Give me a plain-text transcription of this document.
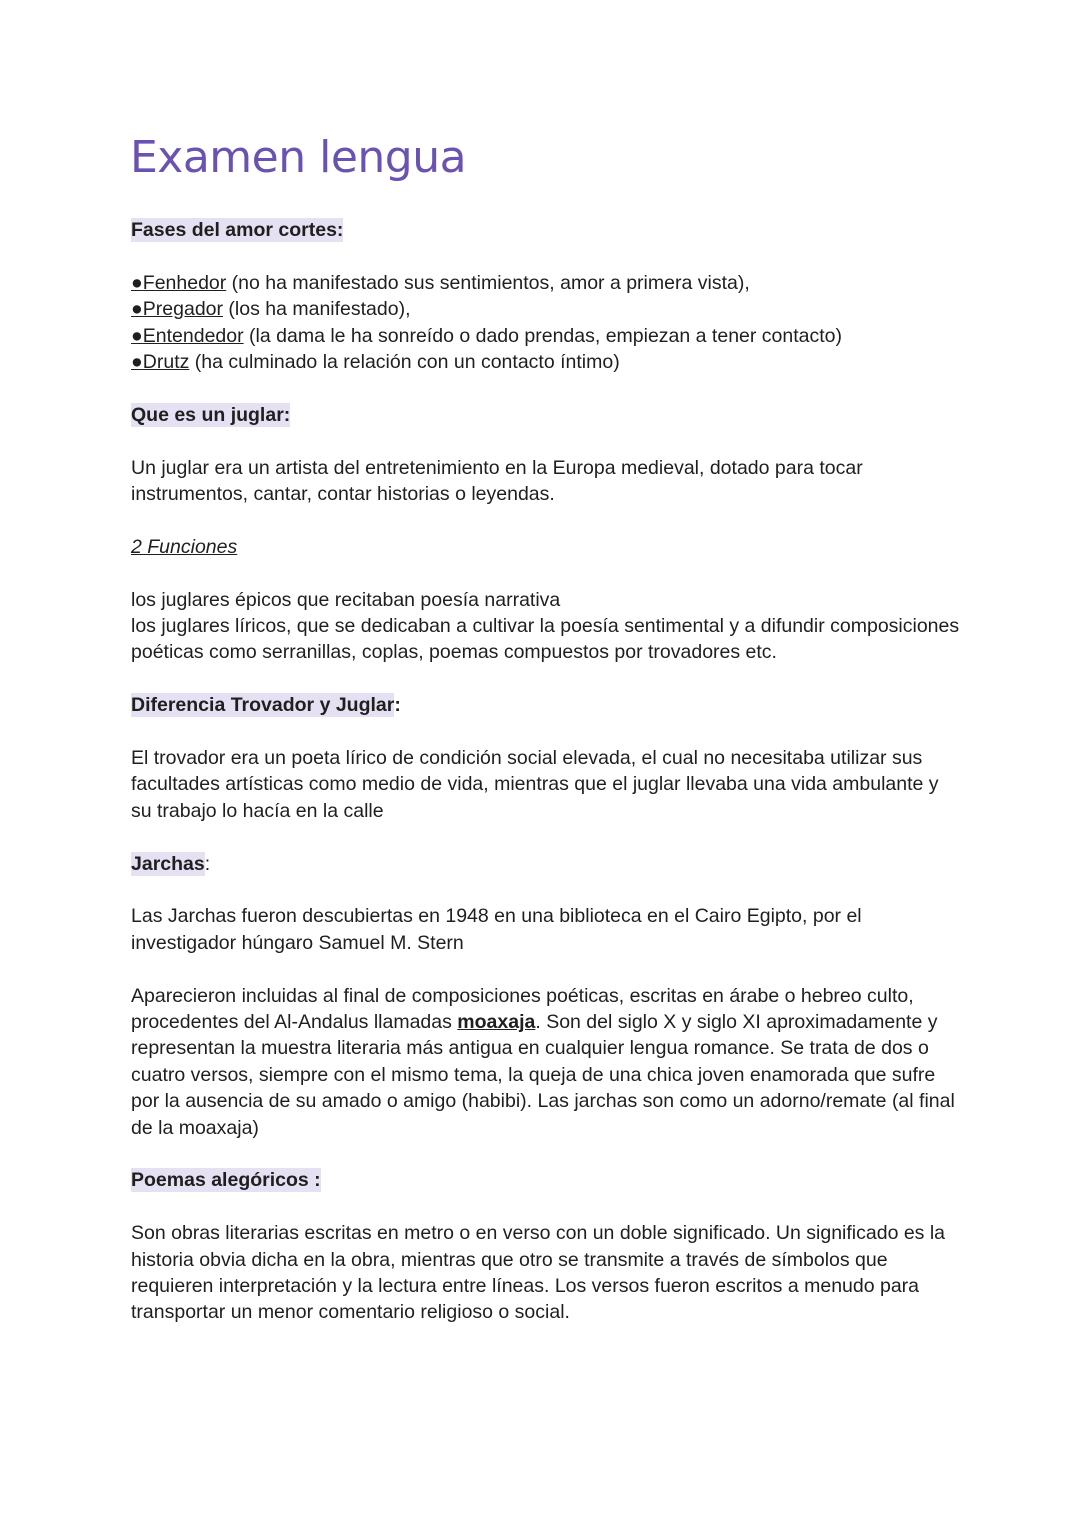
Examen lengua

Fases del amor cortes:

●Fenhedor (no ha manifestado sus sentimientos, amor a primera vista),
●Pregador (los ha manifestado),
●Entendedor (la dama le ha sonreído o dado prendas, empiezan a tener contacto)
●Drutz (ha culminado la relación con un contacto íntimo)

Que es un juglar:

Un juglar era un artista del entretenimiento en la Europa medieval, dotado para tocar instrumentos, cantar, contar historias o leyendas.

2 Funciones

los juglares épicos que recitaban poesía narrativa
los juglares líricos, que se dedicaban a cultivar la poesía sentimental y a difundir composiciones poéticas como serranillas, coplas, poemas compuestos por trovadores etc.

Diferencia Trovador y Juglar:

El trovador era un poeta lírico de condición social elevada, el cual no necesitaba utilizar sus facultades artísticas como medio de vida, mientras que el juglar llevaba una vida ambulante y su trabajo lo hacía en la calle

Jarchas:

Las Jarchas fueron descubiertas en 1948 en una biblioteca en el Cairo Egipto, por el investigador húngaro Samuel M. Stern

Aparecieron incluidas al final de composiciones poéticas, escritas en árabe o hebreo culto, procedentes del Al-Andalus llamadas moaxaja. Son del siglo X y siglo XI aproximadamente y representan la muestra literaria más antigua en cualquier lengua romance. Se trata de dos o cuatro versos, siempre con el mismo tema, la queja de una chica joven enamorada que sufre por la ausencia de su amado o amigo (habibi). Las jarchas son como un adorno/remate (al final de la moaxaja)

Poemas alegóricos :

Son obras literarias escritas en metro o en verso con un doble significado. Un significado es la historia obvia dicha en la obra, mientras que otro se transmite a través de símbolos que requieren interpretación y la lectura entre líneas. Los versos fueron escritos a menudo para transportar un menor comentario religioso o social.
